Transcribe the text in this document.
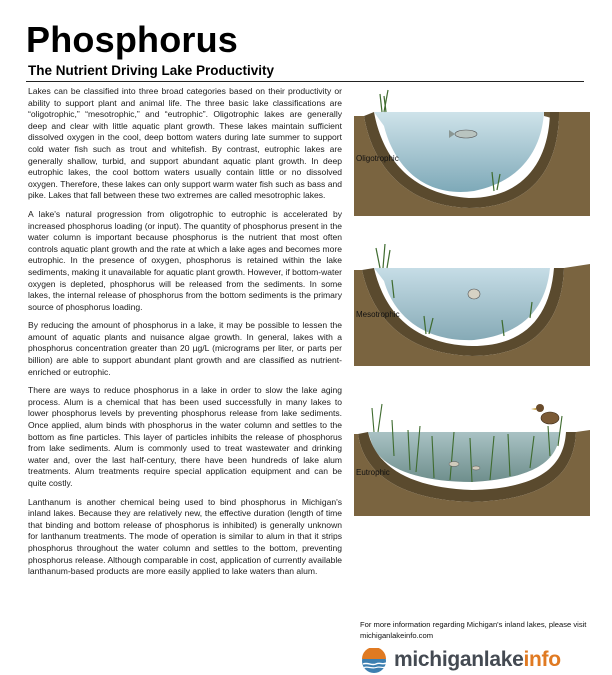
Phosphorus
The Nutrient Driving Lake Productivity

Lakes can be classified into three broad categories based on their productivity or ability to support plant and animal life. The three basic lake classifications are “oligotrophic,” “mesotrophic,” and “eutrophic”. Oligotrophic lakes are generally deep and clear with little aquatic plant growth. These lakes maintain sufficient dissolved oxygen in the cool, deep bottom waters during late summer to support cold water fish such as trout and whitefish. By contrast, eutrophic lakes are generally shallow, turbid, and support abundant aquatic plant growth. In deep eutrophic lakes, the cool bottom waters usually contain little or no dissolved oxygen. Therefore, these lakes can only support warm water fish such as bass and pike. Lakes that fall between these two extremes are called mesotrophic lakes.

A lake's natural progression from oligotrophic to eutrophic is accelerated by increased phosphorus loading (or input). The quantity of phosphorus present in the water column is important because phosphorus is the nutrient that most often controls aquatic plant growth and the rate at which a lake ages and becomes more eutrophic. In the presence of oxygen, phosphorus is retained within the lake sediments, making it unavailable for aquatic plant growth. However, if bottom-water oxygen is depleted, phosphorus will be released from the sediments. In some lakes, the internal release of phosphorus from the bottom sediments is the primary source of phosphorus loading.

By reducing the amount of phosphorus in a lake, it may be possible to lessen the amount of aquatic plants and nuisance algae growth. In general, lakes with a phosphorus concentration greater than 20 µg/L (micrograms per liter, or parts per billion) are able to support abundant plant growth and are classified as nutrient-enriched or eutrophic.

There are ways to reduce phosphorus in a lake in order to slow the lake aging process. Alum is a chemical that has been used successfully in many lakes to lower phosphorus levels by preventing phosphorus release from lake sediments. Once applied, alum binds with phosphorus in the water column and settles to the bottom as fine particles. This layer of particles inhibits the release of phosphorus from lake sediments. Alum is commonly used to treat wastewater and drinking water and, over the last half-century, there have been hundreds of lake alum treatments. Alum treatments require special application equipment and can be quite costly.

Lanthanum is another chemical being used to bind phosphorus in Michigan's inland lakes. Because they are relatively new, the effective duration (length of time that binding and bottom release of phosphorus is inhibited) is generally unknown for lanthanum treatments. The mode of operation is similar to alum in that it strips phosphorus throughout the water column and settles to the bottom, preventing phosphorus release. Although comparable in cost, application of currently available lanthanum-based products are more easily applied to lake waters than alum.

Oligotrophic
Mesotrophic
Eutrophic
For more information regarding Michigan's inland lakes, please visit michiganlakeinfo.com
michiganlakeinfo
